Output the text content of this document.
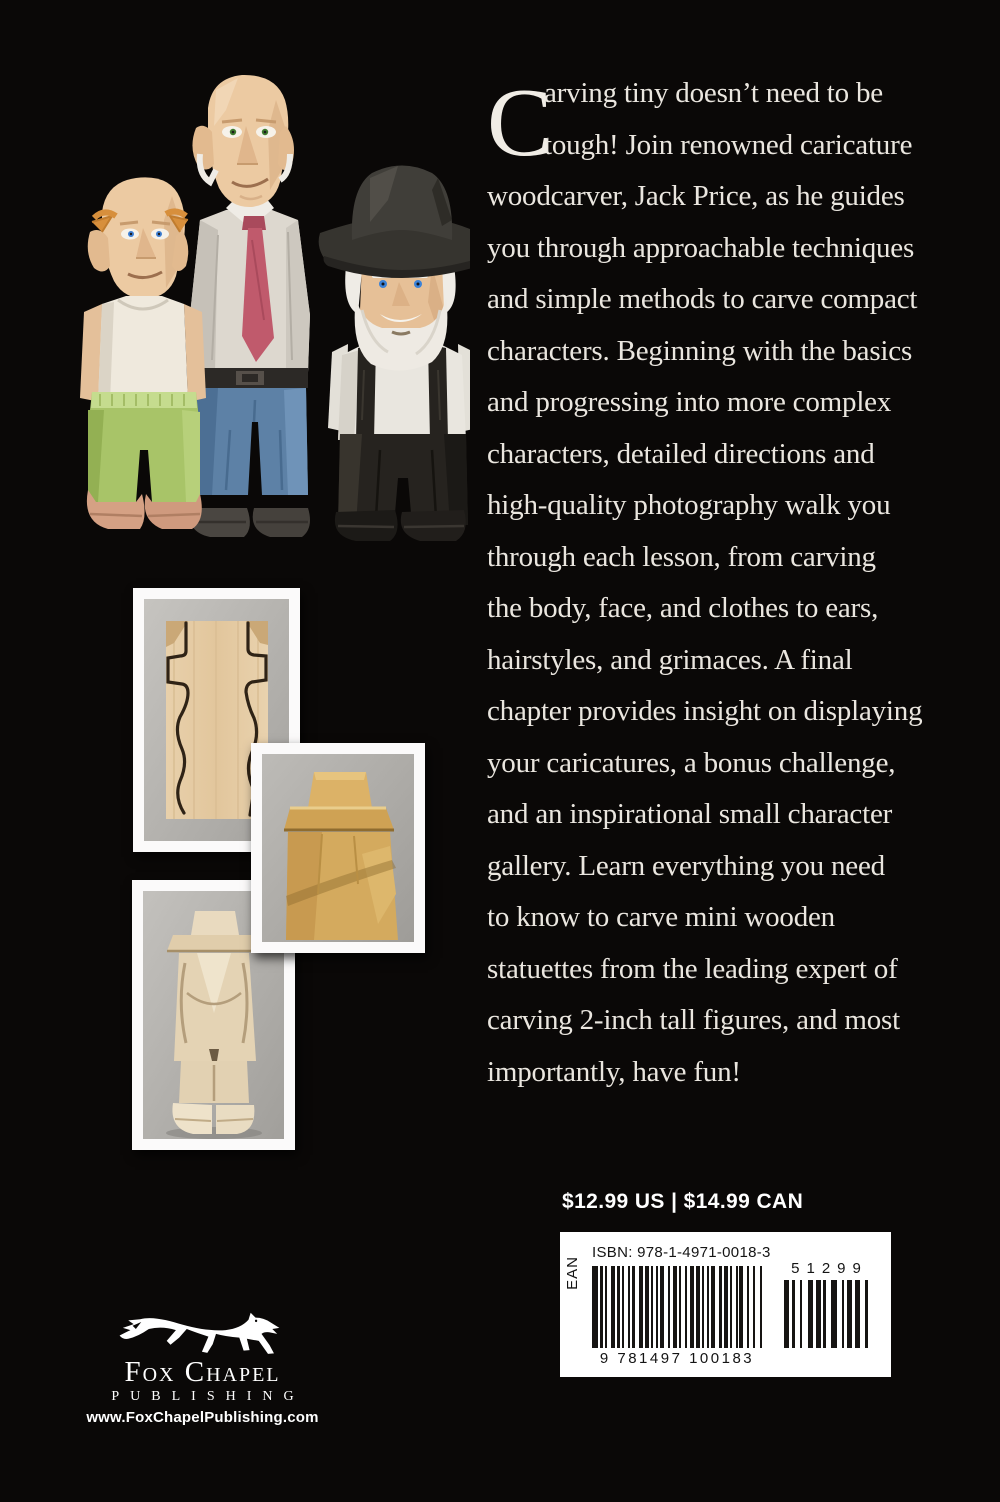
C
arving tiny doesn’t need to be
tough! Join renowned caricature
woodcarver, Jack Price, as he guides
you through approachable techniques
and simple methods to carve compact
characters. Beginning with the basics
and progressing into more complex
characters, detailed directions and
high-quality photography walk you
through each lesson, from carving
the body, face, and clothes to ears,
hairstyles, and grimaces. A final
chapter provides insight on displaying
your caricatures, a bonus challenge,
and an inspirational small character
gallery. Learn everything you need
to know to carve mini wooden
statuettes from the leading expert of
carving 2-inch tall figures, and most
importantly, have fun!
$12.99 US | $14.99 CAN
EAN
ISBN: 978-1-4971-0018-3
9 781497 100183
51299
Fox Chapel
PUBLISHING
www.FoxChapelPublishing.com
